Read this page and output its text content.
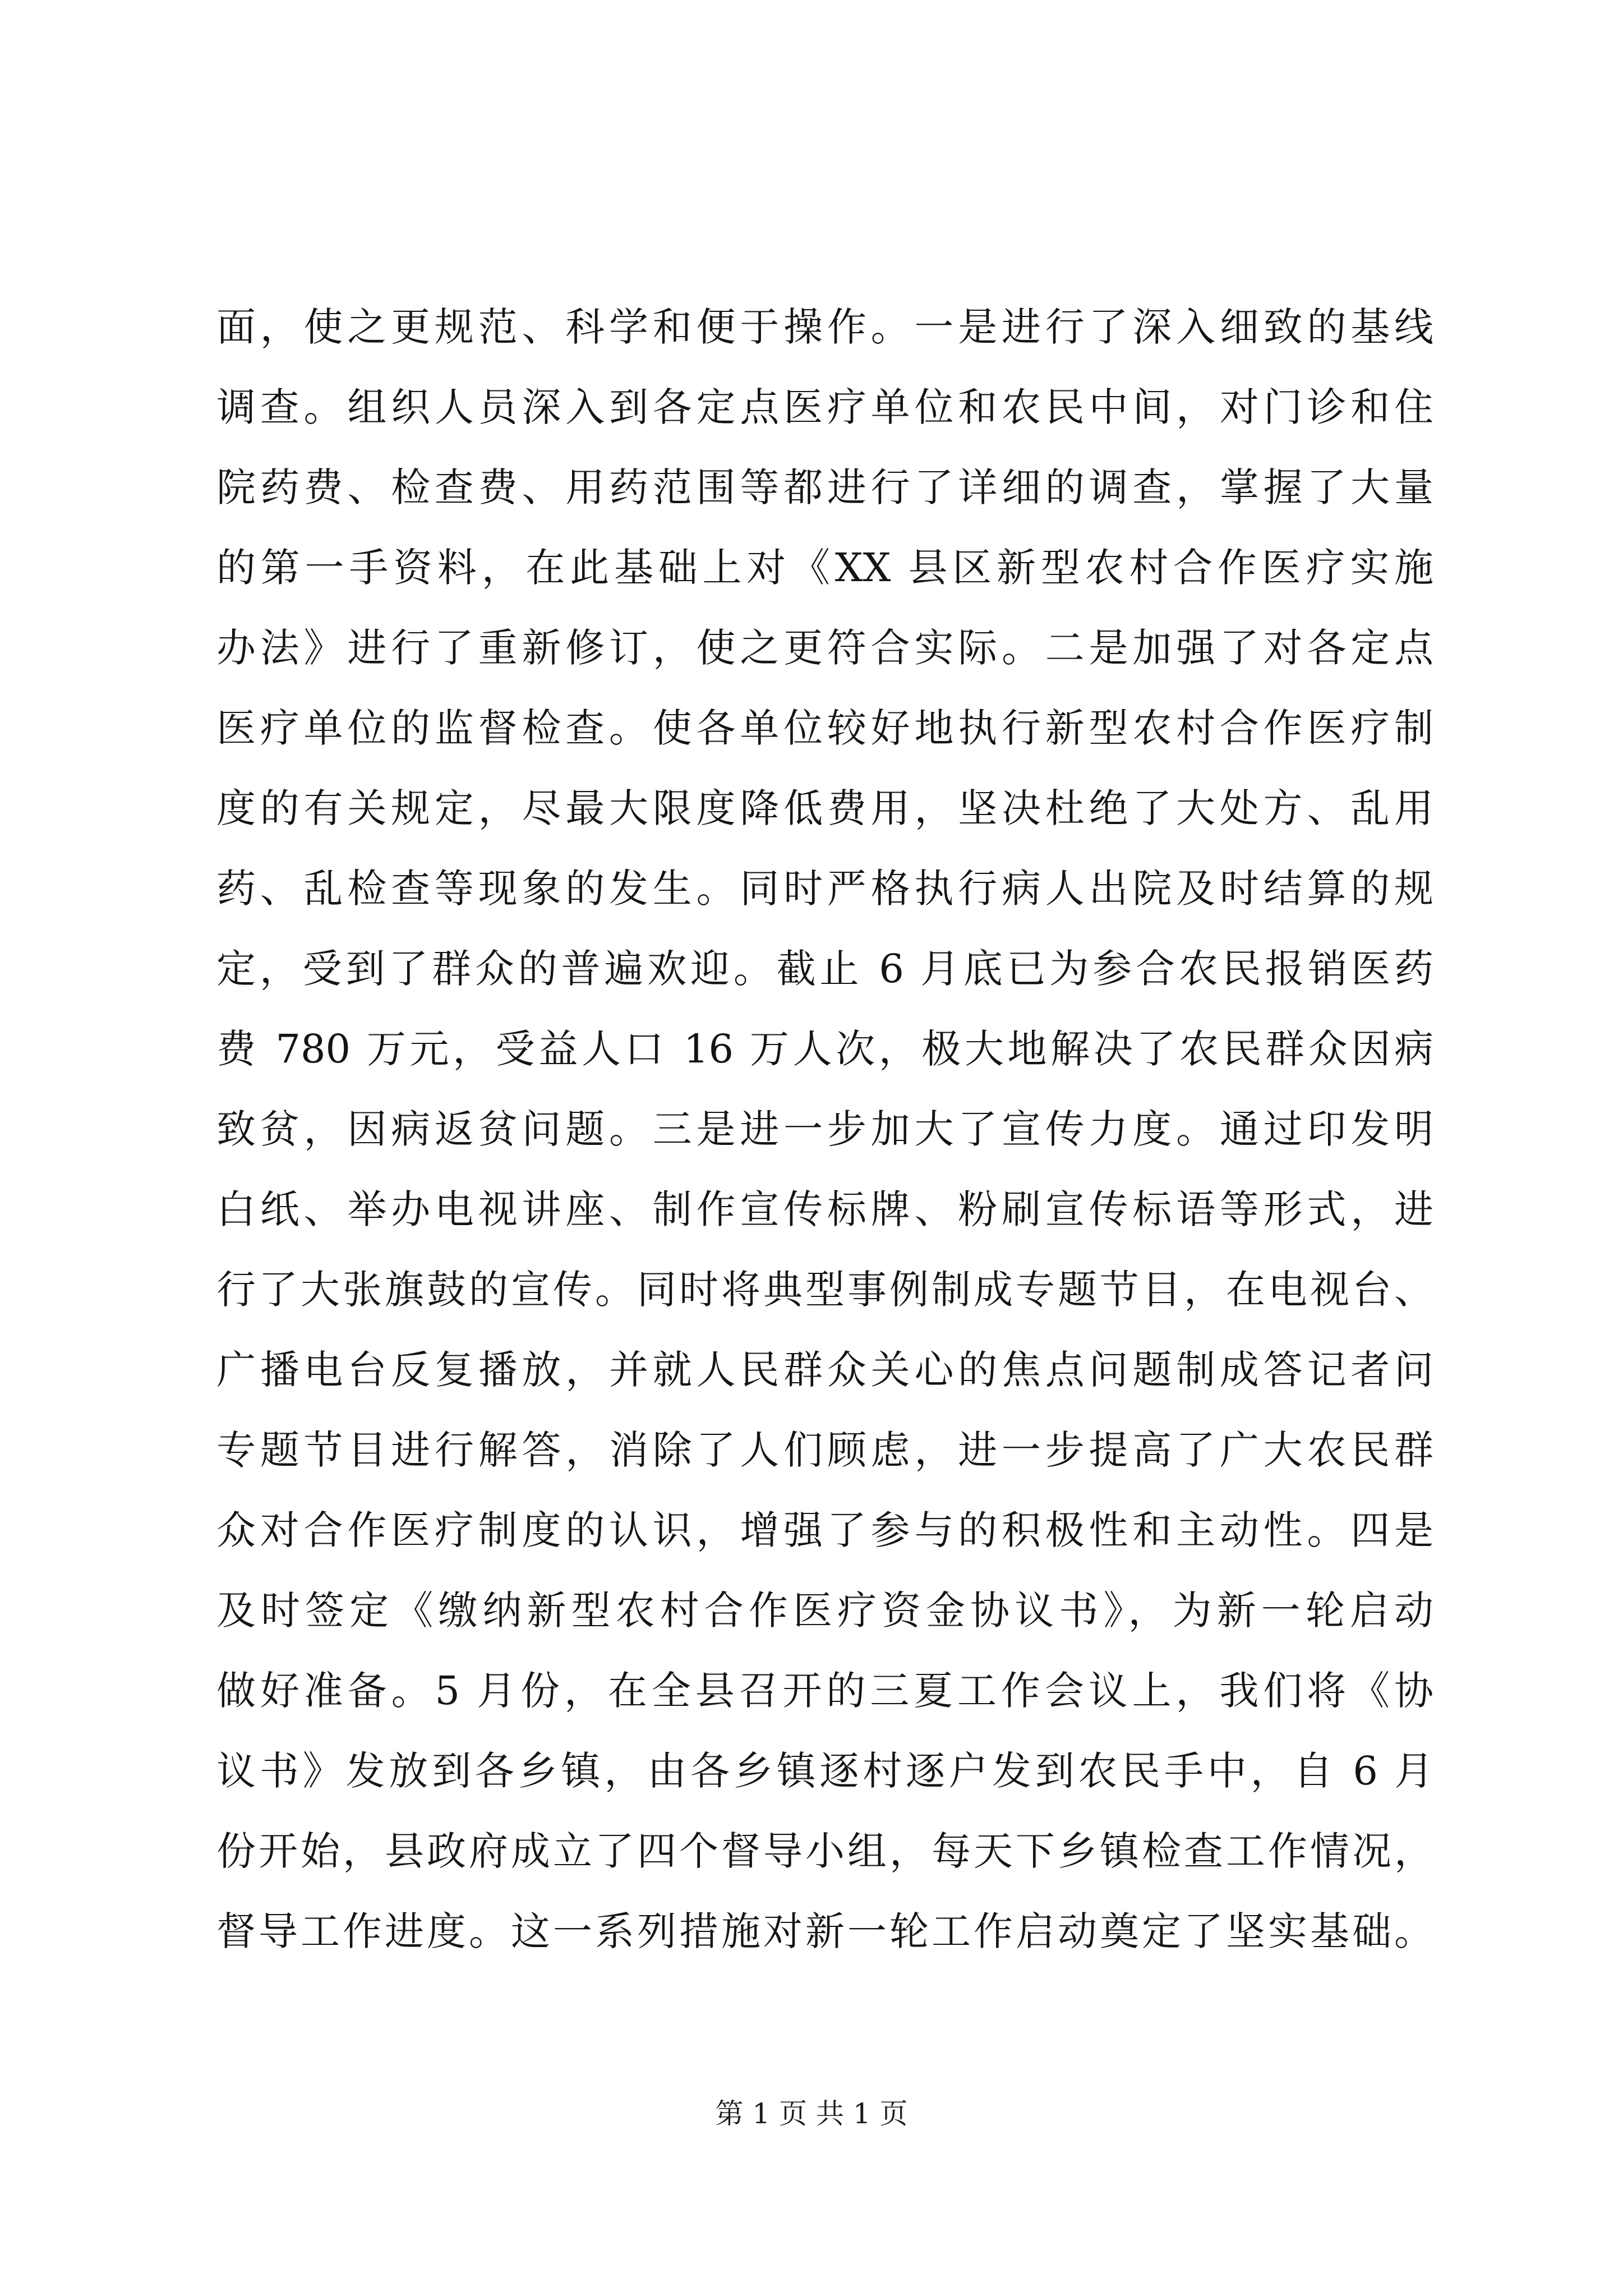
面，使之更规范、科学和便于操作。一是进行了深入细致的基线
调查。组织人员深入到各定点医疗单位和农民中间，对门诊和住
院药费、检查费、用药范围等都进行了详细的调查，掌握了大量
的第一手资料，在此基础上对《XX 县区新型农村合作医疗实施
办法》进行了重新修订，使之更符合实际。二是加强了对各定点
医疗单位的监督检查。使各单位较好地执行新型农村合作医疗制
度的有关规定，尽最大限度降低费用，坚决杜绝了大处方、乱用
药、乱检查等现象的发生。同时严格执行病人出院及时结算的规
定，受到了群众的普遍欢迎。截止 6 月底已为参合农民报销医药
费 780 万元，受益人口 16 万人次，极大地解决了农民群众因病
致贫，因病返贫问题。三是进一步加大了宣传力度。通过印发明
白纸、举办电视讲座、制作宣传标牌、粉刷宣传标语等形式，进
行了大张旗鼓的宣传。同时将典型事例制成专题节目，在电视台、
广播电台反复播放，并就人民群众关心的焦点问题制成答记者问
专题节目进行解答，消除了人们顾虑，进一步提高了广大农民群
众对合作医疗制度的认识，增强了参与的积极性和主动性。四是
及时签定《缴纳新型农村合作医疗资金协议书》，为新一轮启动
做好准备。5 月份，在全县召开的三夏工作会议上，我们将《协
议书》发放到各乡镇，由各乡镇逐村逐户发到农民手中，自 6 月
份开始，县政府成立了四个督导小组，每天下乡镇检查工作情况，
督导工作进度。这一系列措施对新一轮工作启动奠定了坚实基础。
第 1 页 共 1 页
